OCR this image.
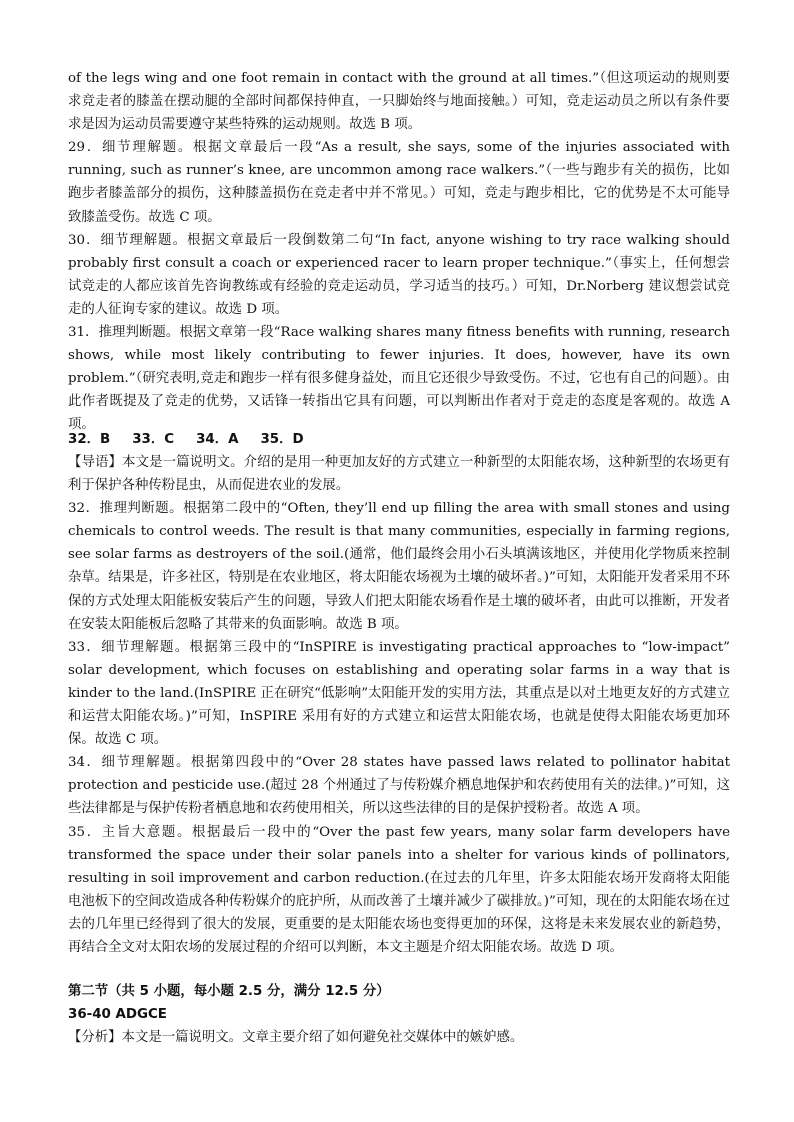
of the legs wing and one foot remain in contact with the ground at all times.”（但这项运动的规则要求竞走者的膝盖在摆动腿的全部时间都保持伸直，一只脚始终与地面接触。）可知，竞走运动员之所以有条件要求是因为运动员需要遵守某些特殊的运动规则。故选 B 项。

29．细节理解题。根据文章最后一段“As a result, she says, some of the injuries associated with running, such as runner’s knee, are uncommon among race walkers.”（一些与跑步有关的损伤，比如跑步者膝盖部分的损伤，这种膝盖损伤在竞走者中并不常见。）可知，竞走与跑步相比，它的优势是不太可能导致膝盖受伤。故选 C 项。

30．细节理解题。根据文章最后一段倒数第二句“In fact, anyone wishing to try race walking should probably first consult a coach or experienced racer to learn proper technique.”（事实上，任何想尝试竞走的人都应该首先咨询教练或有经验的竞走运动员，学习适当的技巧。）可知，Dr.Norberg 建议想尝试竞走的人征询专家的建议。故选 D 项。

31．推理判断题。根据文章第一段“Race walking shares many fitness benefits with running, research shows, while most likely contributing to fewer injuries. It does, however, have its own problem.”（研究表明,竞走和跑步一样有很多健身益处，而且它还很少导致受伤。不过，它也有自己的问题）。由此作者既提及了竞走的优势，又话锋一转指出它具有问题，可以判断出作者对于竞走的态度是客观的。故选 A 项。

32．B 33．C 34．A 35．D

【导语】本文是一篇说明文。介绍的是用一种更加友好的方式建立一种新型的太阳能农场，这种新型的农场更有利于保护各种传粉昆虫，从而促进农业的发展。

32．推理判断题。根据第二段中的“Often, they’ll end up filling the area with small stones and using chemicals to control weeds. The result is that many communities, especially in farming regions, see solar farms as destroyers of the soil.(通常，他们最终会用小石头填满该地区，并使用化学物质来控制杂草。结果是，许多社区，特别是在农业地区，将太阳能农场视为土壤的破坏者。)”可知，太阳能开发者采用不环保的方式处理太阳能板安装后产生的问题，导致人们把太阳能农场看作是土壤的破坏者，由此可以推断，开发者在安装太阳能板后忽略了其带来的负面影响。故选 B 项。

33．细节理解题。根据第三段中的“InSPIRE is investigating practical approaches to “low-impact” solar development, which focuses on establishing and operating solar farms in a way that is kinder to the land.(InSPIRE 正在研究“低影响”太阳能开发的实用方法，其重点是以对土地更友好的方式建立和运营太阳能农场。)”可知，InSPIRE 采用有好的方式建立和运营太阳能农场，也就是使得太阳能农场更加环保。故选 C 项。

34．细节理解题。根据第四段中的“Over 28 states have passed laws related to pollinator habitat protection and pesticide use.(超过 28 个州通过了与传粉媒介栖息地保护和农药使用有关的法律。)”可知，这些法律都是与保护传粉者栖息地和农药使用相关，所以这些法律的目的是保护授粉者。故选 A 项。

35．主旨大意题。根据最后一段中的“Over the past few years, many solar farm developers have transformed the space under their solar panels into a shelter for various kinds of pollinators, resulting in soil improvement and carbon reduction.(在过去的几年里，许多太阳能农场开发商将太阳能电池板下的空间改造成各种传粉媒介的庇护所，从而改善了土壤并减少了碳排放。)”可知，现在的太阳能农场在过去的几年里已经得到了很大的发展，更重要的是太阳能农场也变得更加的环保，这将是未来发展农业的新趋势，再结合全文对太阳农场的发展过程的介绍可以判断，本文主题是介绍太阳能农场。故选 D 项。

第二节（共 5 小题，每小题 2.5 分，满分 12.5 分）

36-40 ADGCE

【分析】本文是一篇说明文。文章主要介绍了如何避免社交媒体中的嫉妒感。
